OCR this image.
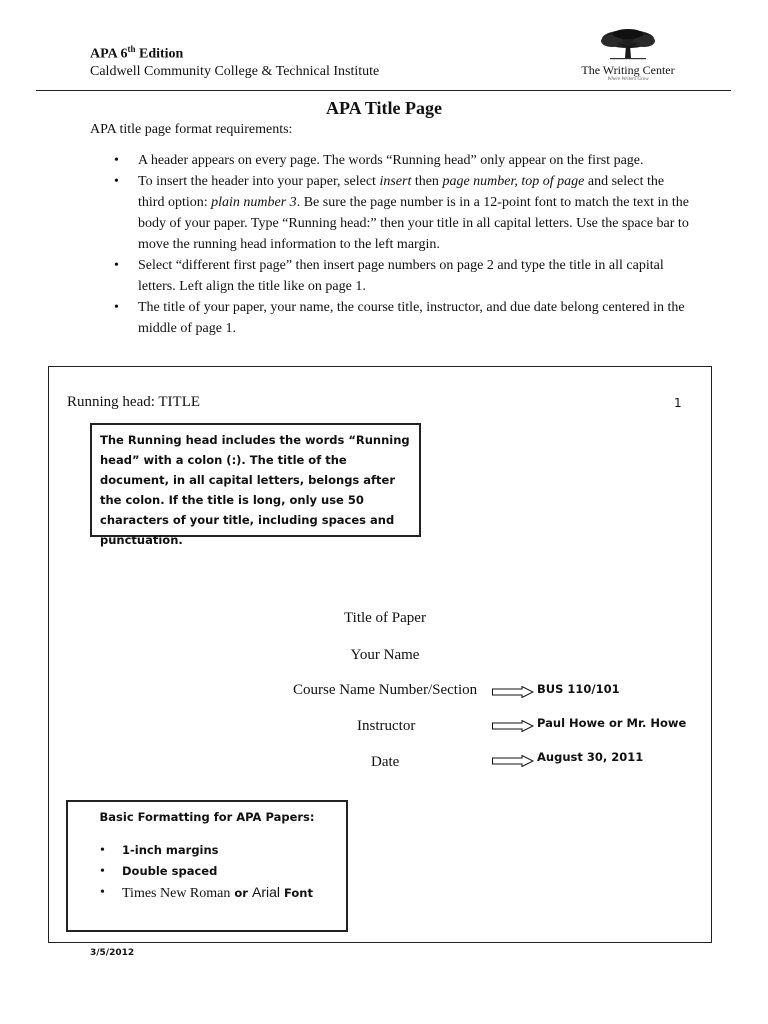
APA 6th Edition
Caldwell Community College & Technical Institute	The Writing Center
Where Writers Grow
APA Title Page
APA title page format requirements:
• A header appears on every page. The words “Running head” only appear on the first page.
• To insert the header into your paper, select insert then page number, top of page and select the third option: plain number 3. Be sure the page number is in a 12-point font to match the text in the body of your paper. Type “Running head:” then your title in all capital letters. Use the space bar to move the running head information to the left margin.
• Select “different first page” then insert page numbers on page 2 and type the title in all capital letters. Left align the title like on page 1.
• The title of your paper, your name, the course title, instructor, and due date belong centered in the middle of page 1.
Running head: TITLE	1
The Running head includes the words “Running head” with a colon (:). The title of the document, in all capital letters, belongs after the colon. If the title is long, only use 50 characters of your title, including spaces and punctuation.
Title of Paper
Your Name
Course Name Number/Section	BUS 110/101
Instructor	Paul Howe or Mr. Howe
Date	August 30, 2011
Basic Formatting for APA Papers:
• 1-inch margins
• Double spaced
• Times New Roman or Arial Font
3/5/2012
